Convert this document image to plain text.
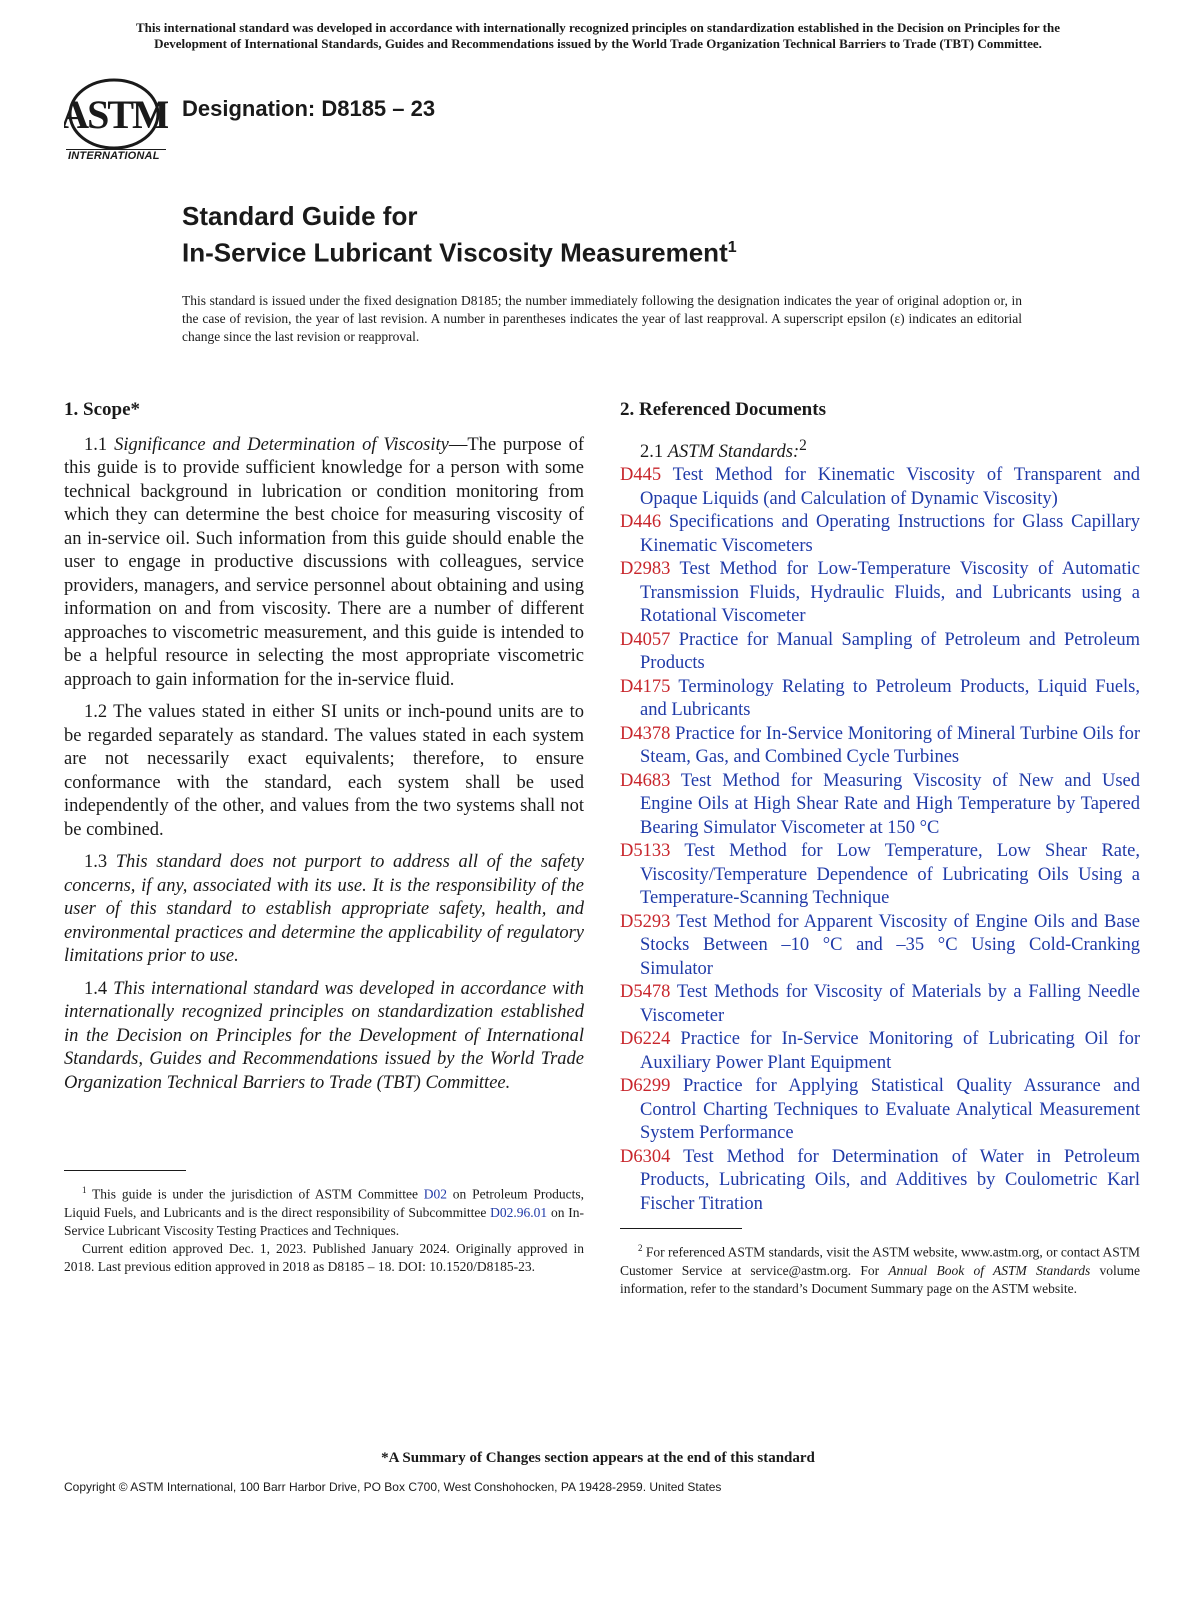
This international standard was developed in accordance with internationally recognized principles on standardization established in the Decision on Principles for the
Development of International Standards, Guides and Recommendations issued by the World Trade Organization Technical Barriers to Trade (TBT) Committee.
ASTM
INTERNATIONAL
Designation: D8185 – 23
Standard Guide for
In-Service Lubricant Viscosity Measurement$^1$
This standard is issued under the fixed designation D8185; the number immediately following the designation indicates the year of original adoption or, in the case of revision, the year of last revision. A number in parentheses indicates the year of last reapproval. A superscript epsilon (ε) indicates an editorial change since the last revision or reapproval.
1. Scope*

1.1 Significance and Determination of Viscosity—The purpose of this guide is to provide sufficient knowledge for a person with some technical background in lubrication or condition monitoring from which they can determine the best choice for measuring viscosity of an in-service oil. Such information from this guide should enable the user to engage in productive discussions with colleagues, service providers, managers, and service personnel about obtaining and using information on and from viscosity. There are a number of different approaches to viscometric measurement, and this guide is intended to be a helpful resource in selecting the most appropriate viscometric approach to gain information for the in-service fluid.

1.2 The values stated in either SI units or inch-pound units are to be regarded separately as standard. The values stated in each system are not necessarily exact equivalents; therefore, to ensure conformance with the standard, each system shall be used independently of the other, and values from the two systems shall not be combined.

1.3 This standard does not purport to address all of the safety concerns, if any, associated with its use. It is the responsibility of the user of this standard to establish appropriate safety, health, and environmental practices and determine the applicability of regulatory limitations prior to use.

1.4 This international standard was developed in accordance with internationally recognized principles on standardization established in the Decision on Principles for the Development of International Standards, Guides and Recommendations issued by the World Trade Organization Technical Barriers to Trade (TBT) Committee.

2. Referenced Documents
2.1 ASTM Standards:$^2$

D445 Test Method for Kinematic Viscosity of Transparent and Opaque Liquids (and Calculation of Dynamic Viscosity)

D446 Specifications and Operating Instructions for Glass Capillary Kinematic Viscometers

D2983 Test Method for Low-Temperature Viscosity of Automatic Transmission Fluids, Hydraulic Fluids, and Lubricants using a Rotational Viscometer

D4057 Practice for Manual Sampling of Petroleum and Petroleum Products

D4175 Terminology Relating to Petroleum Products, Liquid Fuels, and Lubricants

D4378 Practice for In-Service Monitoring of Mineral Turbine Oils for Steam, Gas, and Combined Cycle Turbines

D4683 Test Method for Measuring Viscosity of New and Used Engine Oils at High Shear Rate and High Temperature by Tapered Bearing Simulator Viscometer at 150 °C

D5133 Test Method for Low Temperature, Low Shear Rate, Viscosity/Temperature Dependence of Lubricating Oils Using a Temperature-Scanning Technique

D5293 Test Method for Apparent Viscosity of Engine Oils and Base Stocks Between –10 °C and –35 °C Using Cold-Cranking Simulator

D5478 Test Methods for Viscosity of Materials by a Falling Needle Viscometer

D6224 Practice for In-Service Monitoring of Lubricating Oil for Auxiliary Power Plant Equipment

D6299 Practice for Applying Statistical Quality Assurance and Control Charting Techniques to Evaluate Analytical Measurement System Performance

D6304 Test Method for Determination of Water in Petroleum Products, Lubricating Oils, and Additives by Coulometric Karl Fischer Titration

$^1$ This guide is under the jurisdiction of ASTM Committee D02 on Petroleum Products, Liquid Fuels, and Lubricants and is the direct responsibility of Subcommittee D02.96.01 on In-Service Lubricant Viscosity Testing Practices and Techniques.

Current edition approved Dec. 1, 2023. Published January 2024. Originally approved in 2018. Last previous edition approved in 2018 as D8185 – 18. DOI: 10.1520/D8185-23.

$^2$ For referenced ASTM standards, visit the ASTM website, www.astm.org, or contact ASTM Customer Service at service@astm.org. For Annual Book of ASTM Standards volume information, refer to the standard’s Document Summary page on the ASTM website.

*A Summary of Changes section appears at the end of this standard
Copyright © ASTM International, 100 Barr Harbor Drive, PO Box C700, West Conshohocken, PA 19428-2959. United States
